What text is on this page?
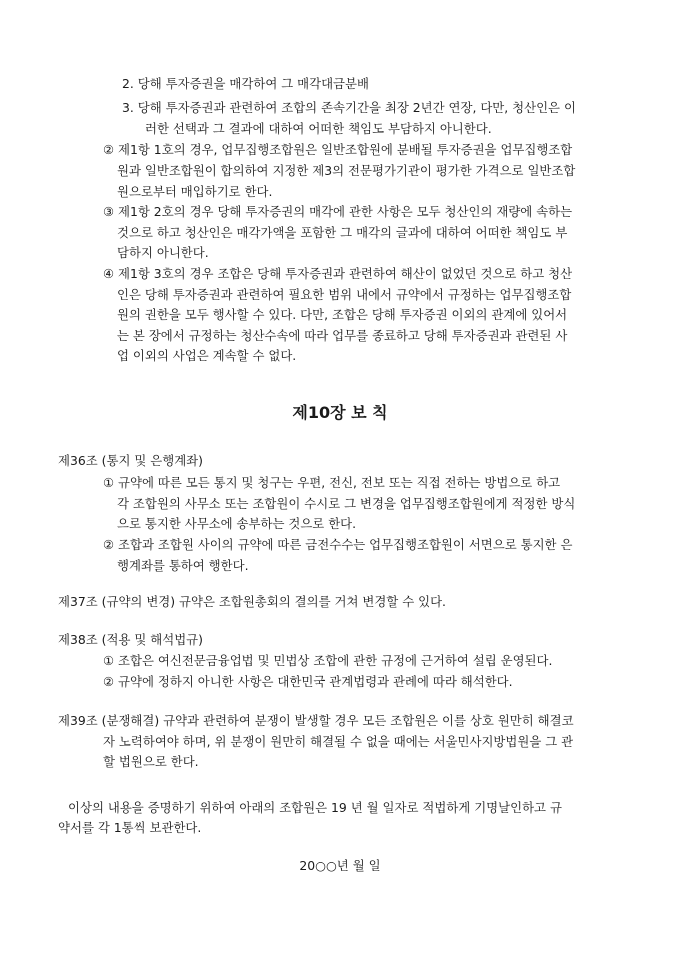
2. 당해 투자증권을 매각하여 그 매각대금분배
3. 당해 투자증권과 관련하여 조합의 존속기간을 최장 2년간 연장, 다만, 청산인은 이
러한 선택과 그 결과에 대하여 어떠한 책임도 부담하지 아니한다.
② 제1항 1호의 경우, 업무집행조합원은 일반조합원에 분배될 투자증권을 업무집행조합
원과 일반조합원이 합의하여 지정한 제3의 전문평가기관이 평가한 가격으로 일반조합
원으로부터 매입하기로 한다.
③ 제1항 2호의 경우 당해 투자증권의 매각에 관한 사항은 모두 청산인의 재량에 속하는
것으로 하고 청산인은 매각가액을 포함한 그 매각의 글과에 대하여 어떠한 책임도 부
담하지 아니한다.
④ 제1항 3호의 경우 조합은 당해 투자증권과 관련하여 해산이 없었던 것으로 하고 청산
인은 당해 투자증권과 관련하여 필요한 범위 내에서 규약에서 규정하는 업무집행조합
원의 권한을 모두 행사할 수 있다. 다만, 조합은 당해 투자증권 이외의 관계에 있어서
는 본 장에서 규정하는 청산수속에 따라 업무를 종료하고 당해 투자증권과 관련된 사
업 이외의 사업은 계속할 수 없다.
제10장 보 칙
제36조 (통지 및 은행계좌)
① 규약에 따른 모든 통지 및 청구는 우편, 전신, 전보 또는 직접 전하는 방법으로 하고
각 조합원의 사무소 또는 조합원이 수시로 그 변경을 업무집행조합원에게 적정한 방식
으로 통지한 사무소에 송부하는 것으로 한다.
② 조합과 조합원 사이의 규약에 따른 금전수수는 업무집행조합원이 서면으로 통지한 은
행계좌를 통하여 행한다.
제37조 (규약의 변경) 규약은 조합원총회의 결의를 거쳐 변경할 수 있다.
제38조 (적용 및 해석법규)
① 조합은 여신전문금융업법 및 민법상 조합에 관한 규정에 근거하여 설립 운영된다.
② 규약에 정하지 아니한 사항은 대한민국 관계법령과 관례에 따라 해석한다.
제39조 (분쟁해결) 규약과 관련하여 분쟁이 발생할 경우 모든 조합원은 이를 상호 원만히 해결코
자 노력하여야 하며, 위 분쟁이 원만히 해결될 수 없을 때에는 서울민사지방법원을 그 관
할 법원으로 한다.
이상의 내용을 증명하기 위하여 아래의 조합원은 19 년 월 일자로 적법하게 기명날인하고 규
약서를 각 1통씩 보관한다.
20○○년 월 일
